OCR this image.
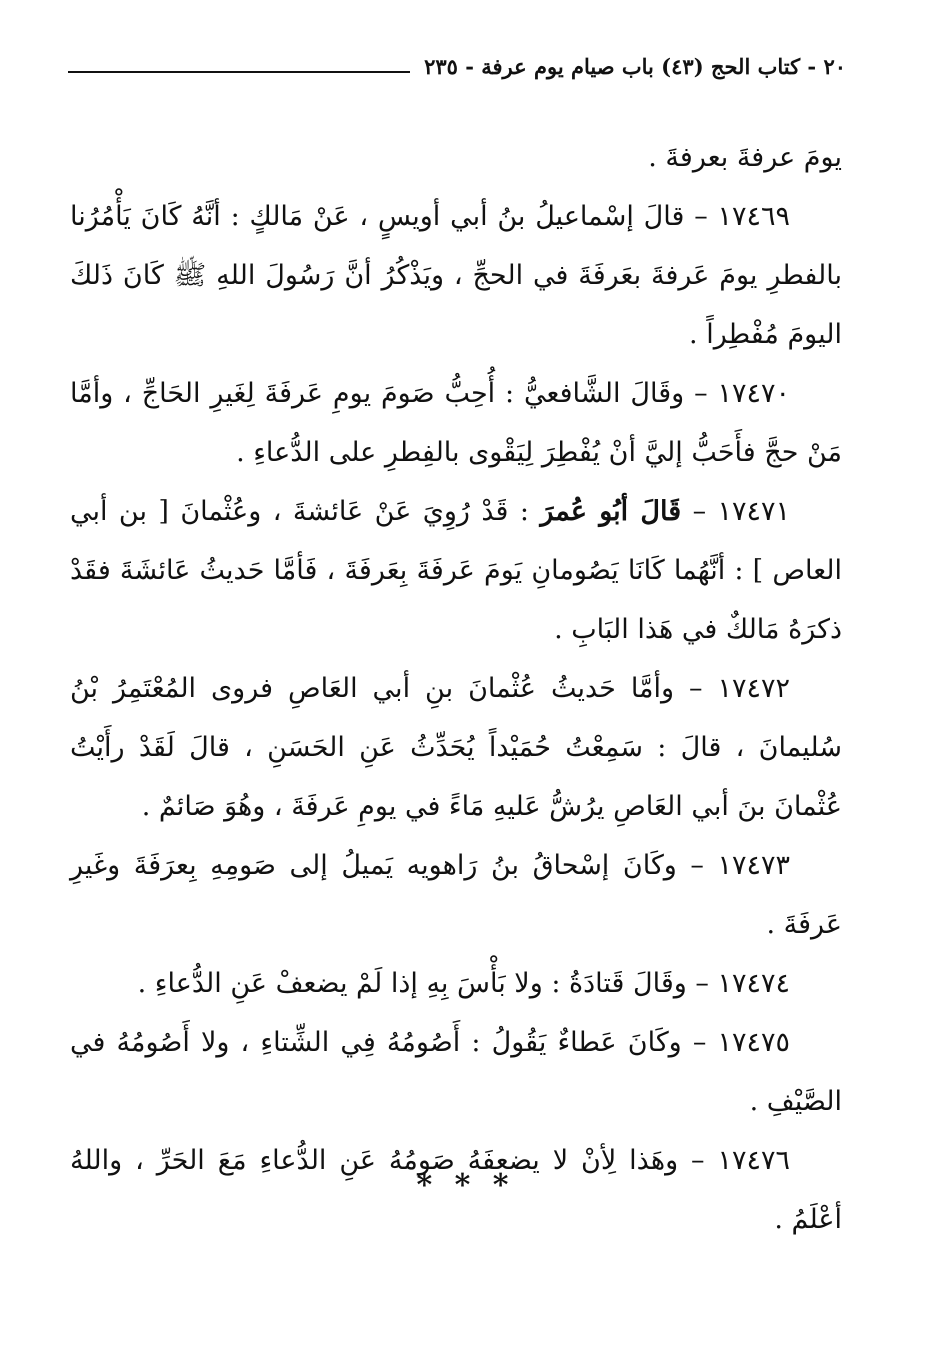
٢٠ - كتاب الحج (٤٣) باب صيام يوم عرفة - ٢٣٥

يومَ عرفةَ بعرفةَ .

١٧٤٦٩ – قالَ إسْماعيلُ بنُ أبي أويسٍ ، عَنْ مَالكٍ : أنَّهُ كَانَ يَأْمُرُنا بالفطرِ يومَ عَرفةَ بعَرفَةَ في الحجِّ ، ويَذْكُرُ أنَّ رَسُولَ اللهِ ﷺ كَانَ ذَلكَ اليومَ مُفْطِراً .

١٧٤٧٠ – وقَالَ الشَّافعيُّ : أُحِبُّ صَومَ يومِ عَرفَةَ لِغَيرِ الحَاجِّ ، وأمَّا مَنْ حجَّ فأَحَبُّ إليَّ أنْ يُفْطِرَ لِيَقْوى بالفِطرِ على الدُّعاءِ .

١٧٤٧١ – قَالَ أبُو عُمرَ : قَدْ رُوِيَ عَنْ عَائشةَ ، وعُثْمانَ [ بن أبي العاص ] : أنَّهُما كَانَا يَصُومانِ يَومَ عَرفَةَ بِعَرفَةَ ، فَأمَّا حَديثُ عَائشَةَ فقَدْ ذكرَهُ مَالكٌ في هَذا البَابِ .

١٧٤٧٢ – وأمَّا حَديثُ عُثْمانَ بنِ أبي العَاصِ فروى المُعْتَمِرُ بْنُ سُليمانَ ، قالَ : سَمِعْتُ حُمَيْداً يُحَدِّثُ عَنِ الحَسَنِ ، قالَ لَقَدْ رأَيْتُ عُثْمانَ بنَ أبي العَاصِ يرُشُّ عَليهِ مَاءً في يومِ عَرفَةَ ، وهُوَ صَائمٌ .

١٧٤٧٣ – وكَانَ إسْحاقُ بنُ رَاهويه يَميلُ إلى صَومِهِ بِعرَفَةَ وغَيرِ عَرفَةَ .

١٧٤٧٤ – وقَالَ قَتادَةُ : ولا بَأْسَ بِهِ إذا لَمْ يضعفْ عَنِ الدُّعاءِ .

١٧٤٧٥ – وكَانَ عَطاءٌ يَقُولُ : أَصُومُهُ فِي الشِّتاءِ ، ولا أَصُومُهُ في الصَّيْفِ .

١٧٤٧٦ – وهَذا لِأنْ لا يضعفَهُ صَومُهُ عَنِ الدُّعاءِ مَعَ الحَرِّ ، واللهُ أعْلَمُ .

* * *
